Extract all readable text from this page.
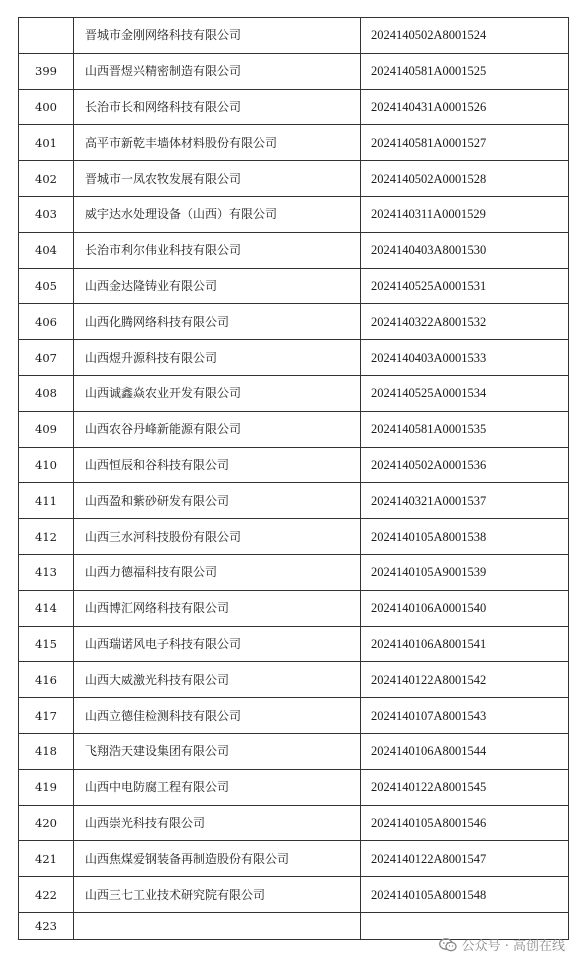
	晋城市金刚网络科技有限公司	2024140502A8001524
399	山西晋煜兴精密制造有限公司	2024140581A0001525
400	长治市长和网络科技有限公司	2024140431A0001526
401	高平市新乾丰墙体材料股份有限公司	2024140581A0001527
402	晋城市一凤农牧发展有限公司	2024140502A0001528
403	威宇达水处理设备（山西）有限公司	2024140311A0001529
404	长治市利尔伟业科技有限公司	2024140403A8001530
405	山西金达隆铸业有限公司	2024140525A0001531
406	山西化腾网络科技有限公司	2024140322A8001532
407	山西煜升源科技有限公司	2024140403A0001533
408	山西诚鑫焱农业开发有限公司	2024140525A0001534
409	山西农谷丹峰新能源有限公司	2024140581A0001535
410	山西恒辰和谷科技有限公司	2024140502A0001536
411	山西盈和紫砂研发有限公司	2024140321A0001537
412	山西三水河科技股份有限公司	2024140105A8001538
413	山西力德福科技有限公司	2024140105A9001539
414	山西博汇网络科技有限公司	2024140106A0001540
415	山西瑞诺风电子科技有限公司	2024140106A8001541
416	山西大威激光科技有限公司	2024140122A8001542
417	山西立德佳检测科技有限公司	2024140107A8001543
418	飞翔浩天建设集团有限公司	2024140106A8001544
419	山西中电防腐工程有限公司	2024140122A8001545
420	山西崇光科技有限公司	2024140105A8001546
421	山西焦煤爱钢装备再制造股份有限公司	2024140122A8001547
422	山西三七工业技术研究院有限公司	2024140105A8001548
423		
公众号 · 高创在线
